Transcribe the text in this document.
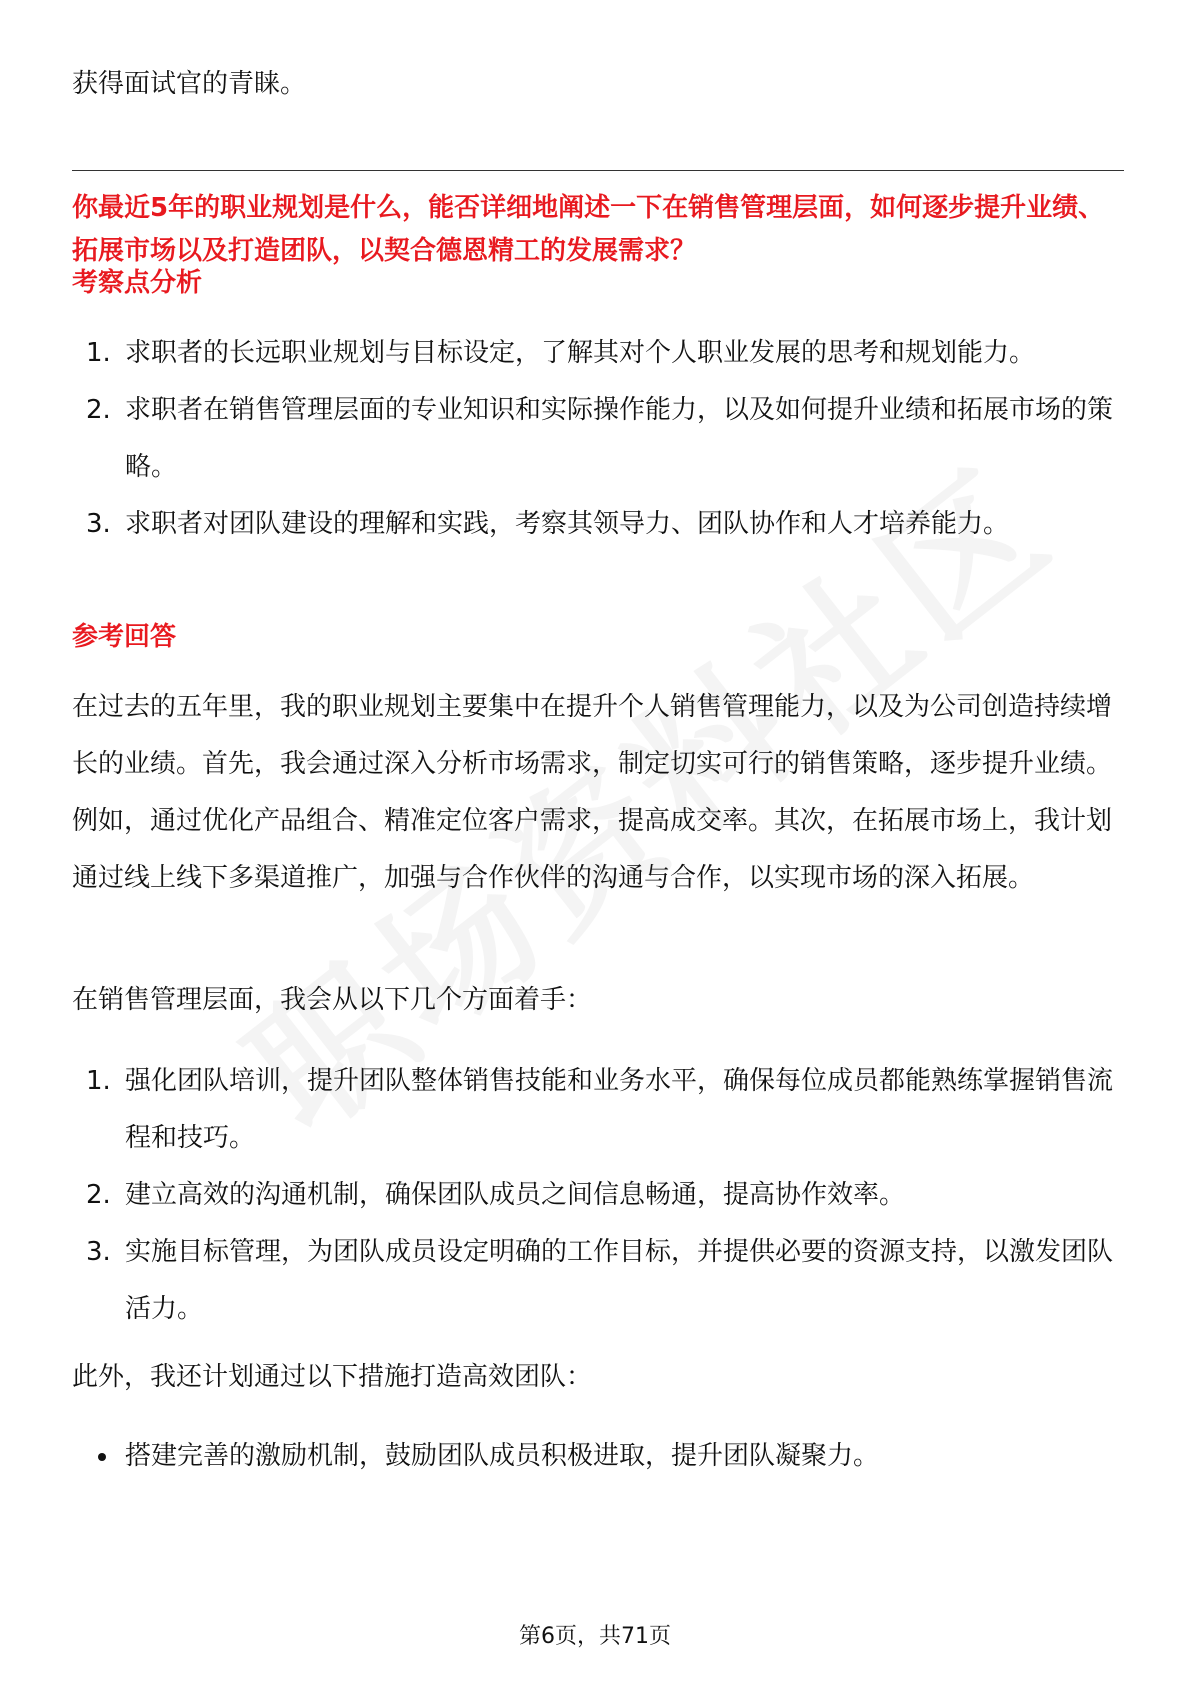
获得面试官的青睐。

你最近5年的职业规划是什么，能否详细地阐述一下在销售管理层面，如何逐步提升业绩、拓展市场以及打造团队，以契合德恩精工的发展需求？

考察点分析

1. 求职者的长远职业规划与目标设定，了解其对个人职业发展的思考和规划能力。
2. 求职者在销售管理层面的专业知识和实际操作能力，以及如何提升业绩和拓展市场的策略。
3. 求职者对团队建设的理解和实践，考察其领导力、团队协作和人才培养能力。

参考回答

在过去的五年里，我的职业规划主要集中在提升个人销售管理能力，以及为公司创造持续增长的业绩。首先，我会通过深入分析市场需求，制定切实可行的销售策略，逐步提升业绩。例如，通过优化产品组合、精准定位客户需求，提高成交率。其次，在拓展市场上，我计划通过线上线下多渠道推广，加强与合作伙伴的沟通与合作，以实现市场的深入拓展。

在销售管理层面，我会从以下几个方面着手：

1. 强化团队培训，提升团队整体销售技能和业务水平，确保每位成员都能熟练掌握销售流程和技巧。
2. 建立高效的沟通机制，确保团队成员之间信息畅通，提高协作效率。
3. 实施目标管理，为团队成员设定明确的工作目标，并提供必要的资源支持，以激发团队活力。

此外，我还计划通过以下措施打造高效团队：

搭建完善的激励机制，鼓励团队成员积极进取，提升团队凝聚力。
第6页，共71页
